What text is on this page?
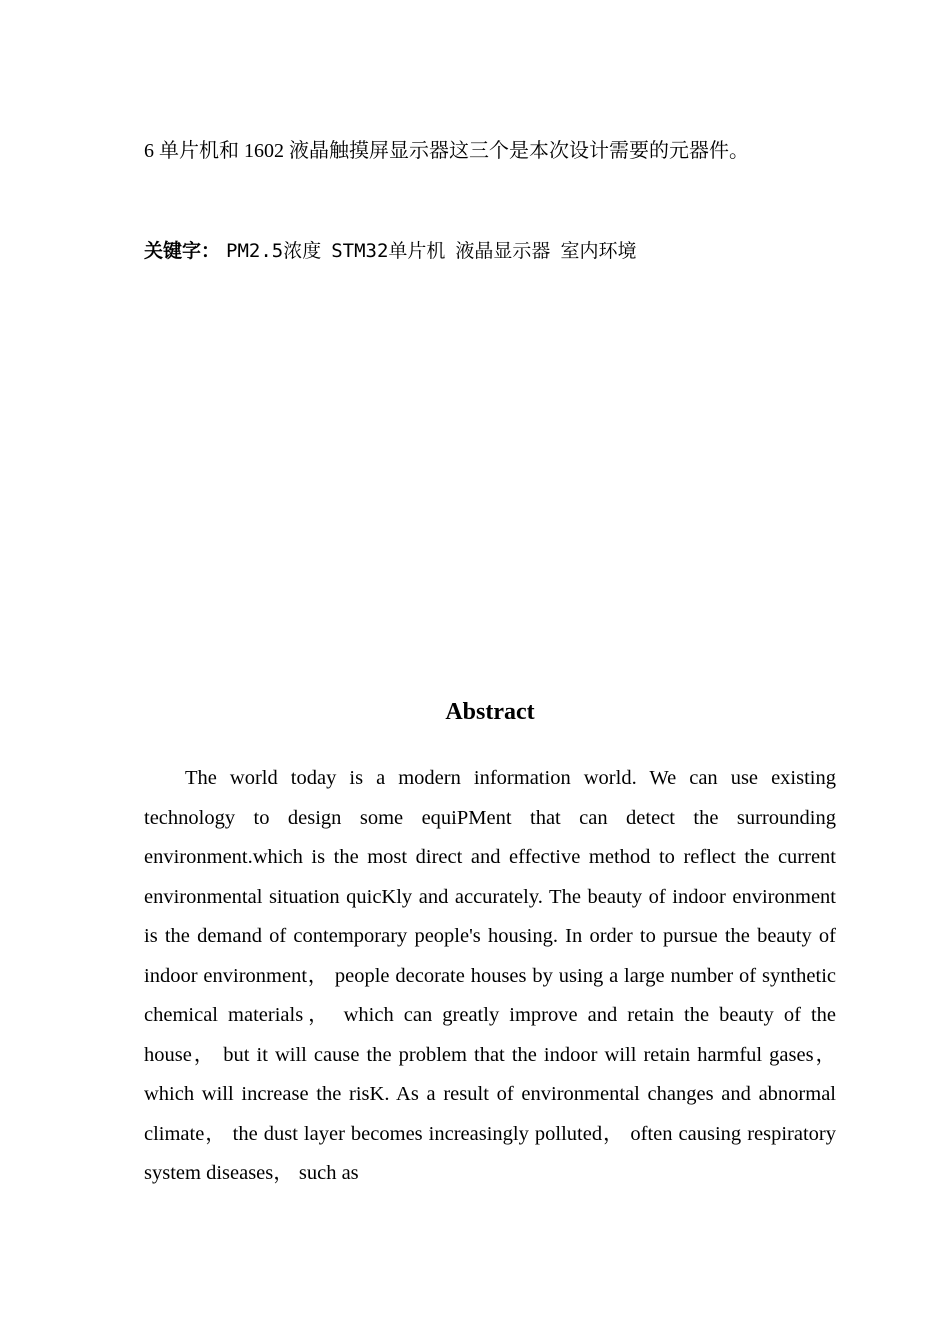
6 单片机和 1602 液晶触摸屏显示器这三个是本次设计需要的元器件。
关键字： PM2.5浓度 STM32单片机 液晶显示器 室内环境
Abstract

The world today is a modern information world. We can use existing technology to design some equiPMent that can detect the surrounding environment.which is the most direct and effective method to reflect the current environmental situation quicKly and accurately. The beauty of indoor environment is the demand of contemporary people's housing. In order to pursue the beauty of indoor environment， people decorate houses by using a large number of synthetic chemical materials， which can greatly improve and retain the beauty of the house， but it will cause the problem that the indoor will retain harmful gases， which will increase the risK. As a result of environmental changes and abnormal climate， the dust layer becomes increasingly polluted， often causing respiratory system diseases， such as
